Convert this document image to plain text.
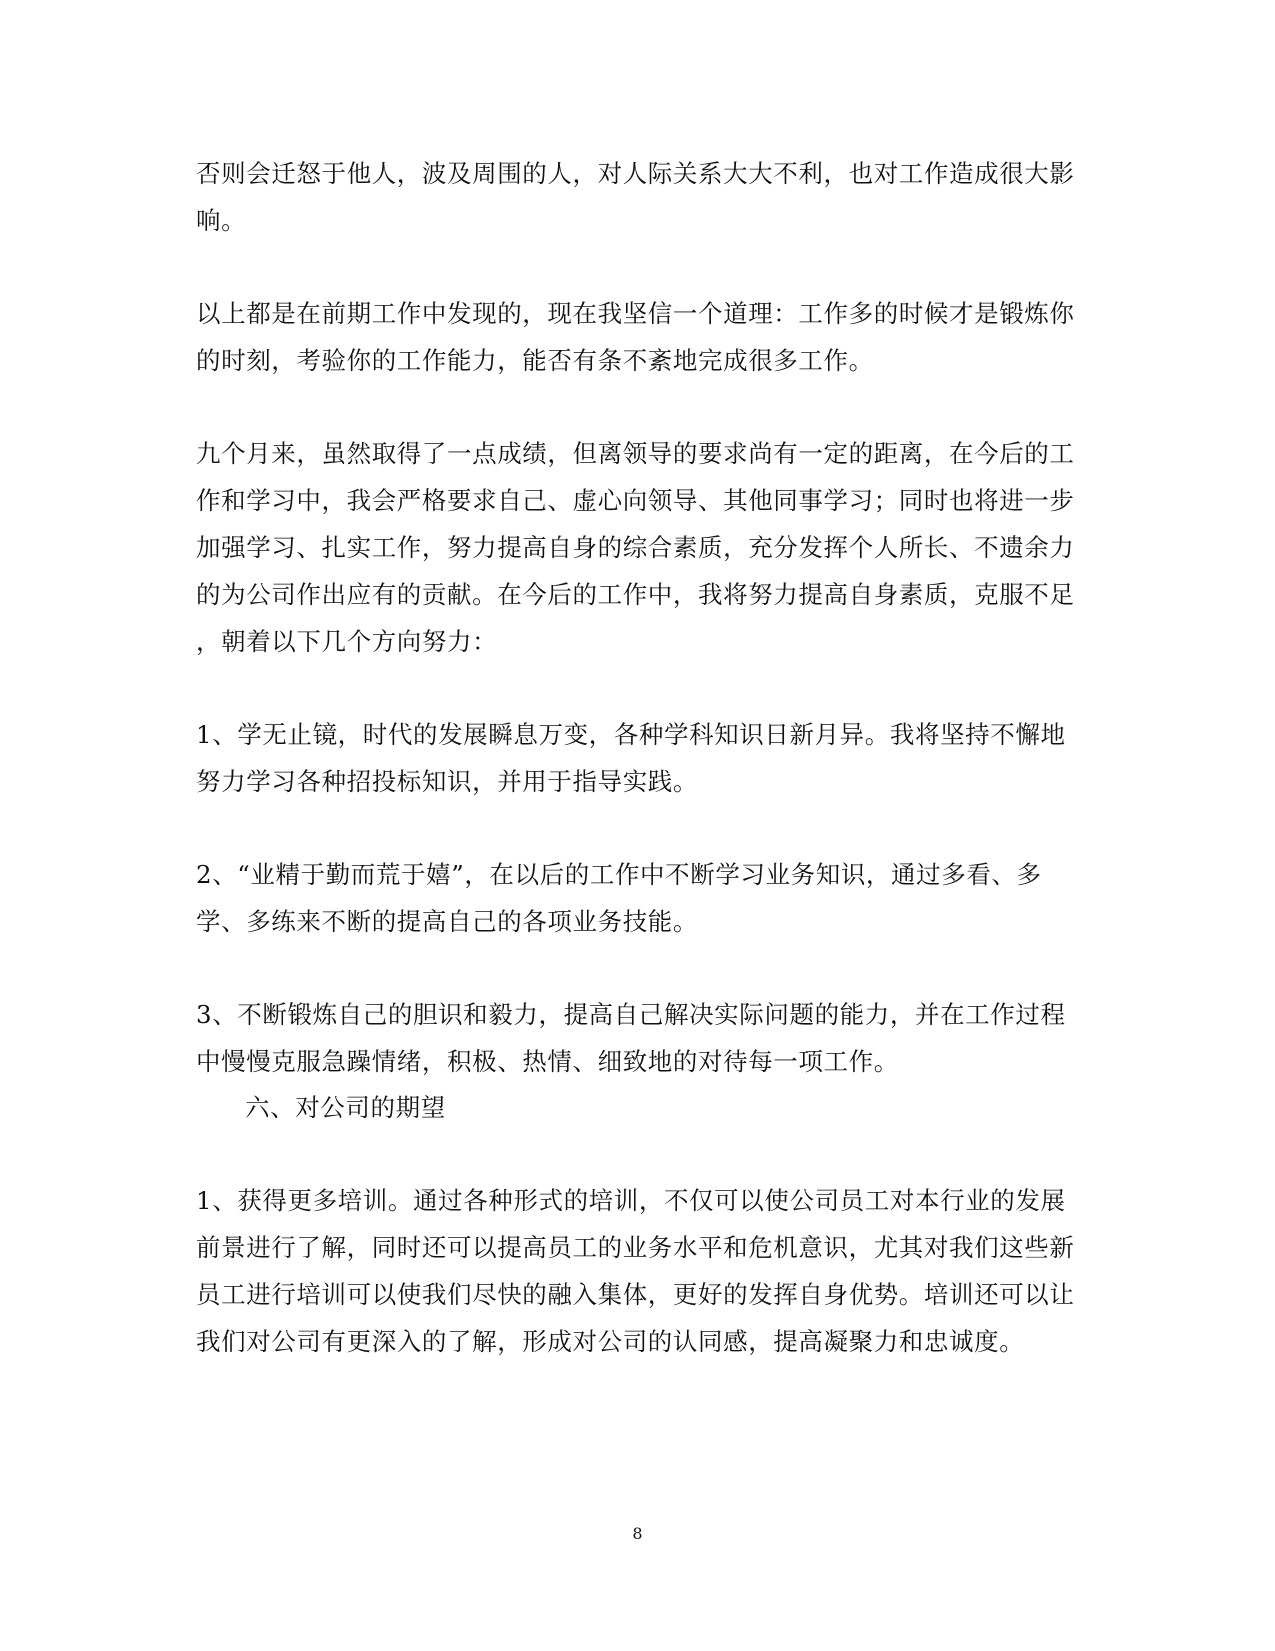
否则会迁怒于他人，波及周围的人，对人际关系大大不利，也对工作造成很大影
响。
以上都是在前期工作中发现的，现在我坚信一个道理：工作多的时候才是锻炼你
的时刻，考验你的工作能力，能否有条不紊地完成很多工作。
九个月来，虽然取得了一点成绩，但离领导的要求尚有一定的距离，在今后的工
作和学习中，我会严格要求自己、虚心向领导、其他同事学习；同时也将进一步
加强学习、扎实工作，努力提高自身的综合素质，充分发挥个人所长、不遗余力
的为公司作出应有的贡献。在今后的工作中，我将努力提高自身素质，克服不足
，朝着以下几个方向努力：
1、学无止镜，时代的发展瞬息万变，各种学科知识日新月异。我将坚持不懈地
努力学习各种招投标知识，并用于指导实践。
2、“业精于勤而荒于嬉”，在以后的工作中不断学习业务知识，通过多看、多
学、多练来不断的提高自己的各项业务技能。
3、不断锻炼自己的胆识和毅力，提高自己解决实际问题的能力，并在工作过程
中慢慢克服急躁情绪，积极、热情、细致地的对待每一项工作。
六、对公司的期望
1、获得更多培训。通过各种形式的培训，不仅可以使公司员工对本行业的发展
前景进行了解，同时还可以提高员工的业务水平和危机意识，尤其对我们这些新
员工进行培训可以使我们尽快的融入集体，更好的发挥自身优势。培训还可以让
我们对公司有更深入的了解，形成对公司的认同感，提高凝聚力和忠诚度。
8
